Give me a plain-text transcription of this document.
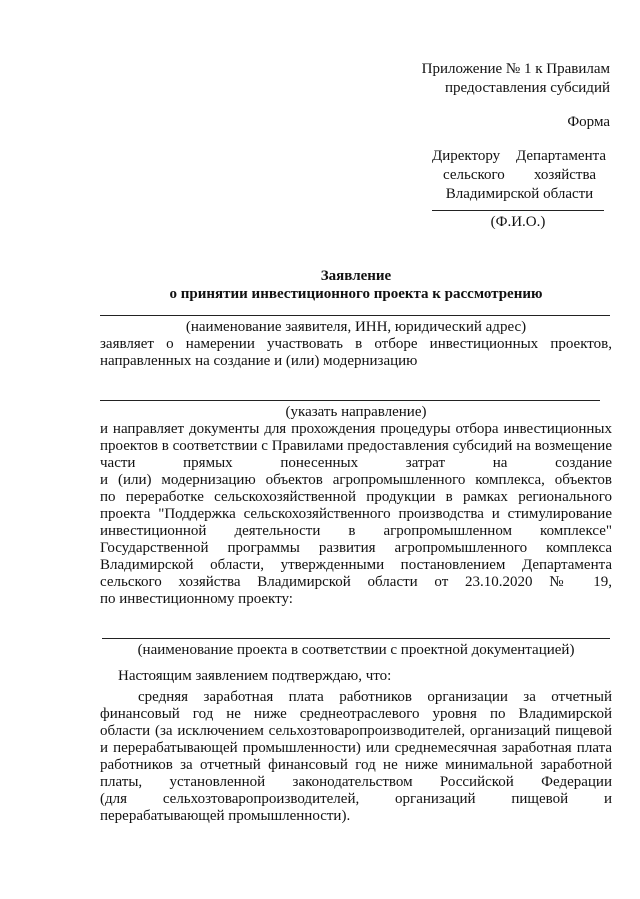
Приложение № 1 к Правилам
предоставления субсидий
Форма
Директору Департамента
сельского хозяйства
Владимирской области
(Ф.И.О.)
Заявление
о принятии инвестиционного проекта к рассмотрению
(наименование заявителя, ИНН, юридический адрес)
заявляет о намерении участвовать в отборе инвестиционных проектов,
направленных на создание и (или) модернизацию
(указать направление)
и направляет документы для прохождения процедуры отбора инвестиционных
проектов в соответствии с Правилами предоставления субсидий на возмещение
части прямых понесенных затрат на создание
и (или) модернизацию объектов агропромышленного комплекса, объектов
по переработке сельскохозяйственной продукции в рамках регионального
проекта "Поддержка сельскохозяйственного производства и стимулирование
инвестиционной деятельности в агропромышленном комплексе"
Государственной программы развития агропромышленного комплекса
Владимирской области, утвержденными постановлением Департамента
сельского хозяйства Владимирской области от 23.10.2020 № 19,
по инвестиционному проекту:
(наименование проекта в соответствии с проектной документацией)
Настоящим заявлением подтверждаю, что:
средняя заработная плата работников организации за отчетный
финансовый год не ниже среднеотраслевого уровня по Владимирской
области (за исключением сельхозтоваропроизводителей, организаций пищевой
и перерабатывающей промышленности) или среднемесячная заработная плата
работников за отчетный финансовый год не ниже минимальной заработной
платы, установленной законодательством Российской Федерации
(для сельхозтоваропроизводителей, организаций пищевой и
перерабатывающей промышленности).
